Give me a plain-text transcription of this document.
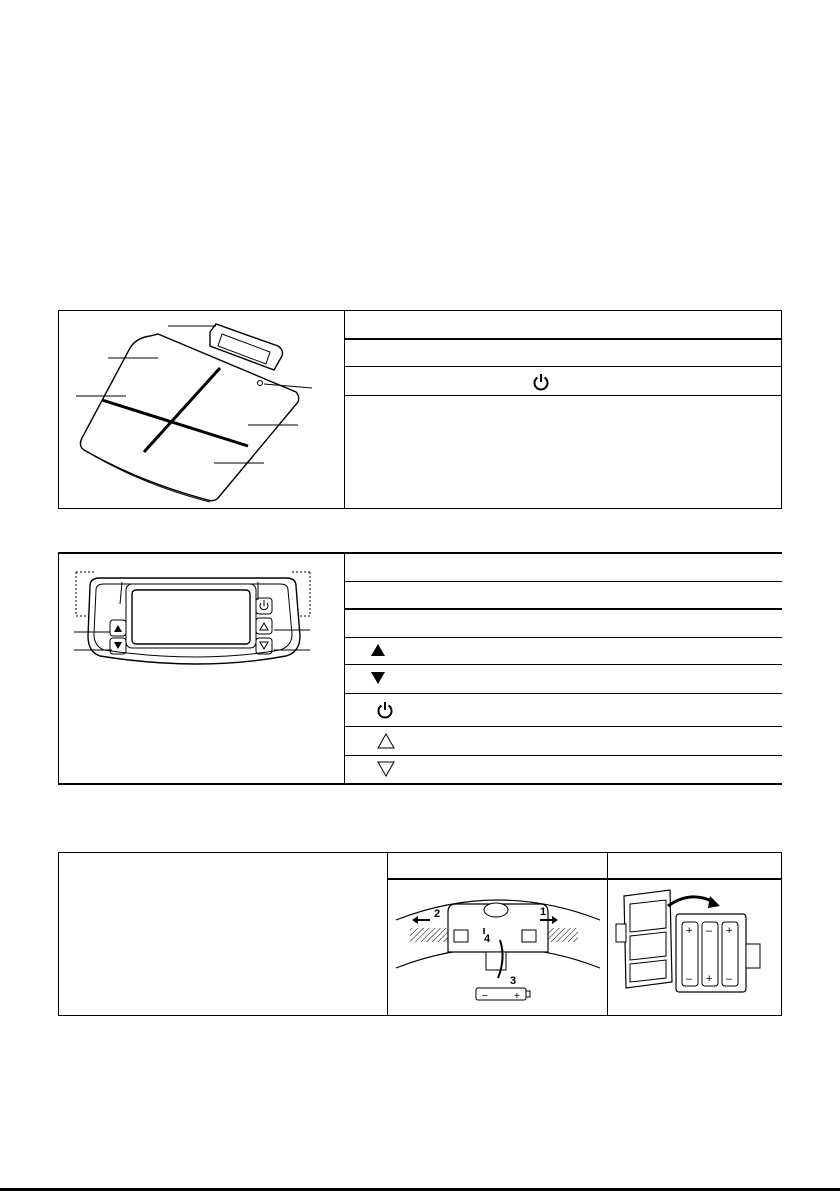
–	+
2	1
3
4
+
–
–
+
+
–
